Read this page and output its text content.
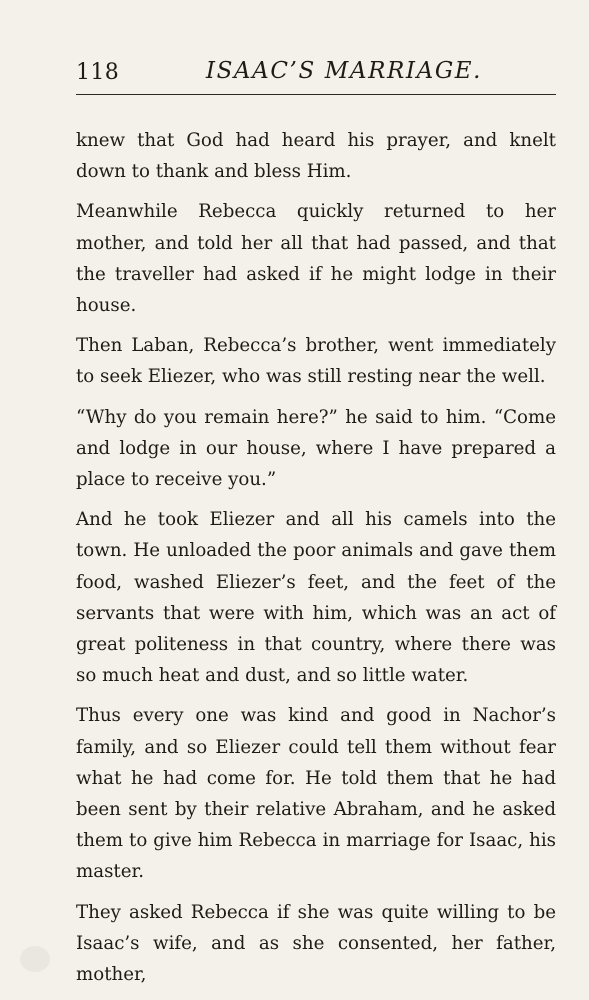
118	ISAAC’S MARRIAGE.

knew that God had heard his prayer, and knelt down to thank and bless Him.

Meanwhile Rebecca quickly returned to her mother, and told her all that had passed, and that the traveller had asked if he might lodge in their house.

Then Laban, Rebecca’s brother, went immediately to seek Eliezer, who was still resting near the well.

“Why do you remain here?” he said to him. “Come and lodge in our house, where I have prepared a place to receive you.”

And he took Eliezer and all his camels into the town. He unloaded the poor animals and gave them food, washed Eliezer’s feet, and the feet of the servants that were with him, which was an act of great politeness in that country, where there was so much heat and dust, and so little water.

Thus every one was kind and good in Nachor’s family, and so Eliezer could tell them without fear what he had come for. He told them that he had been sent by their relative Abraham, and he asked them to give him Rebecca in marriage for Isaac, his master.

They asked Rebecca if she was quite willing to be Isaac’s wife, and as she consented, her father, mother,
